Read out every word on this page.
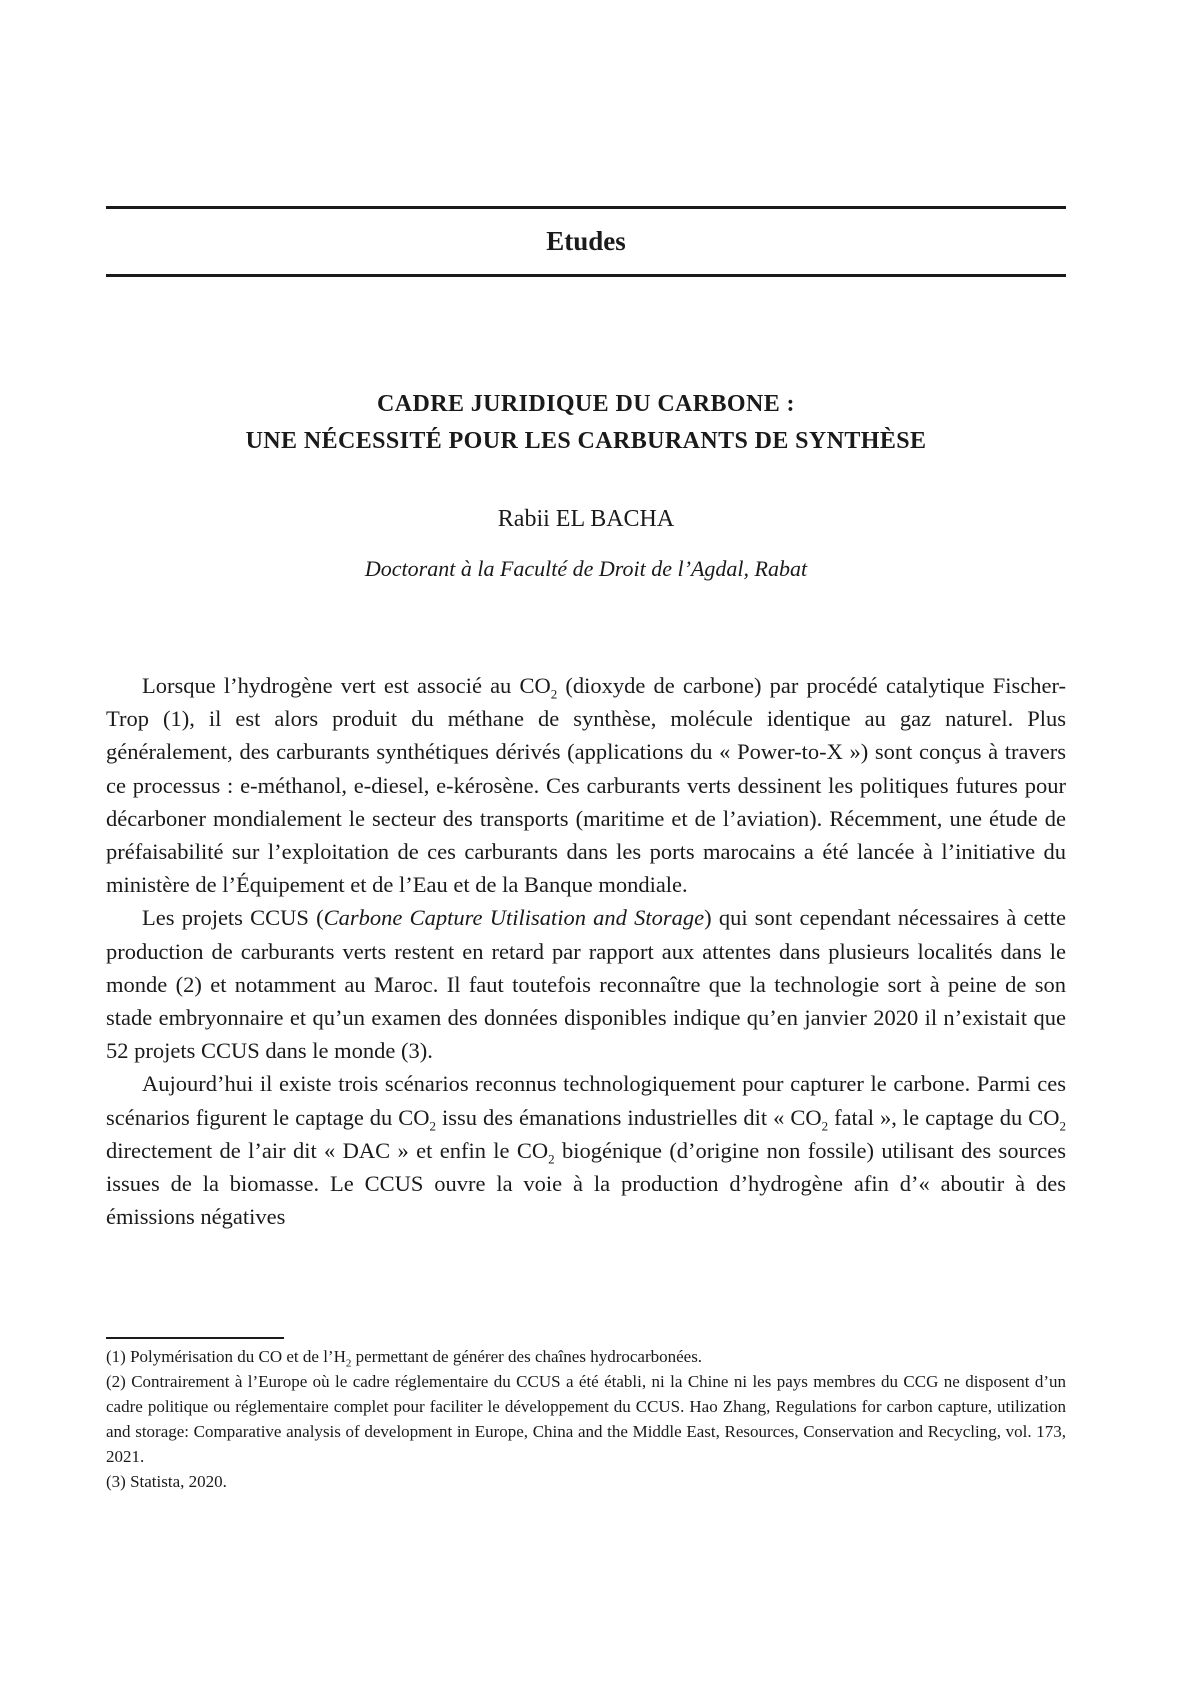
Etudes
CADRE JURIDIQUE DU CARBONE :
UNE NÉCESSITÉ POUR LES CARBURANTS DE SYNTHÈSE
Rabii EL BACHA
Doctorant à la Faculté de Droit de l’Agdal, Rabat

Lorsque l’hydrogène vert est associé au $CO_2$ (dioxyde de carbone) par procédé catalytique Fischer-Trop (1), il est alors produit du méthane de synthèse, molécule identique au gaz naturel. Plus généralement, des carburants synthétiques dérivés (applications du « Power-to-X ») sont conçus à travers ce processus : e-méthanol, e-diesel, e-kérosène. Ces carburants verts dessinent les politiques futures pour décarboner mondialement le secteur des transports (maritime et de l’aviation). Récemment, une étude de préfaisabilité sur l’exploitation de ces carburants dans les ports marocains a été lancée à l’initiative du ministère de l’Équipement et de l’Eau et de la Banque mondiale.

Les projets CCUS (Carbone Capture Utilisation and Storage) qui sont cependant nécessaires à cette production de carburants verts restent en retard par rapport aux attentes dans plusieurs localités dans le monde (2) et notamment au Maroc. Il faut toutefois reconnaître que la technologie sort à peine de son stade embryonnaire et qu’un examen des données disponibles indique qu’en janvier 2020 il n’existait que 52 projets CCUS dans le monde (3).

Aujourd’hui il existe trois scénarios reconnus technologiquement pour capturer le carbone. Parmi ces scénarios figurent le captage du $CO_2$ issu des émanations industrielles dit « $CO_2$ fatal », le captage du $CO_2$ directement de l’air dit « DAC » et enfin le $CO_2$ biogénique (d’origine non fossile) utilisant des sources issues de la biomasse. Le CCUS ouvre la voie à la production d’hydrogène afin d’« aboutir à des émissions négatives

(1) Polymérisation du CO et de $l’H_2$ permettant de générer des chaînes hydrocarbonées.

(2) Contrairement à l’Europe où le cadre réglementaire du CCUS a été établi, ni la Chine ni les pays membres du CCG ne disposent d’un cadre politique ou réglementaire complet pour faciliter le développement du CCUS. Hao Zhang, Regulations for carbon capture, utilization and storage: Comparative analysis of development in Europe, China and the Middle East, Resources, Conservation and Recycling, vol. 173, 2021.

(3) Statista, 2020.
